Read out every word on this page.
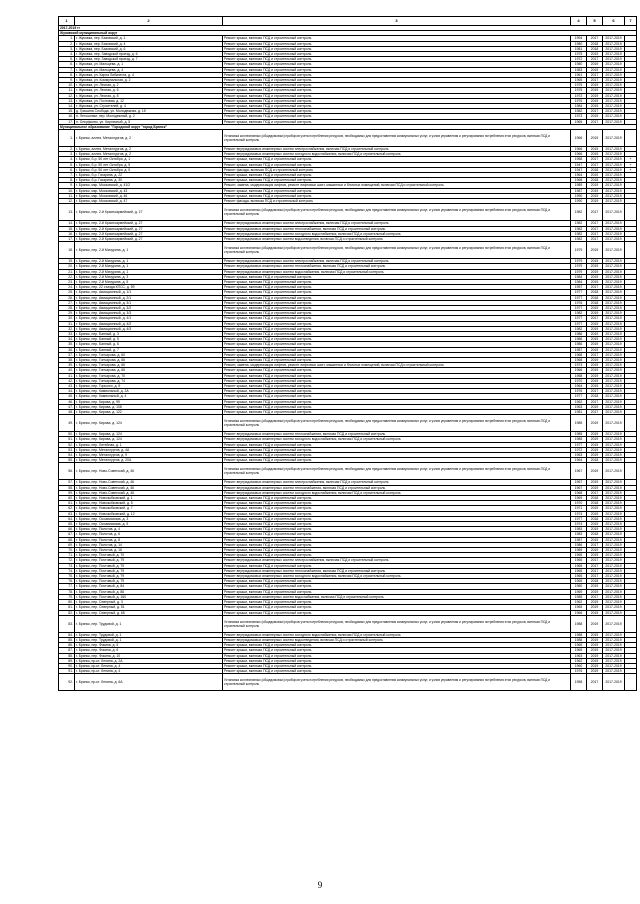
1	2	3	4	5	6	7
2017-2019 гг						
Жуковский муниципальный округ						
1.	г. Жуковка, пер. Базовский, д. 1	Ремонт крыши, включая ПСД и строительный контроль	1994	2017	2017-2019	
2.	г. Жуковка, пер. Базовский, д. 4	Ремонт крыши, включая ПСД и строительный контроль	1980	2018	2017-2019	
3.	г. Жуковка, пер. Базовский, д. 6	Ремонт крыши, включая ПСД и строительный контроль	1981	2018	2017-2019	
4.	г. Жуковка, пер. Заводской проезд, д. 6	Ремонт крыши, включая ПСД и строительный контроль	1975	2019	2017-2019	
5.	г. Жуковка, пер. Заводской проезд, д. 7	Ремонт крыши, включая ПСД и строительный контроль	1972	2017	2017-2019	
6.	г. Жуковка, ул. Мальцева, д. 1	Ремонт крыши, включая ПСД и строительный контроль	1980	2019	2017-2019	
7.	г. Жуковка, ул. Мальцева, д. 4	Ремонт крыши, включая ПСД и строительный контроль	1983	2019	2017-2019	
8.	г. Жуковка, ул. Карла Либкнехта, д. 4	Ремонт крыши, включая ПСД и строительный контроль	1961	2017	2017-2019	
9.	г. Жуковка, ул. Коммунальная, д. 2	Ремонт крыши, включая ПСД и строительный контроль	1965	2017	2017-2019	
10.	г. Жуковка, ул. Лесная, д. 2	Ремонт крыши, включая ПСД и строительный контроль	1975	2019	2017-2019	
11.	г. Жуковка, ул. Лесная, д. 6	Ремонт крыши, включая ПСД и строительный контроль	1975	2019	2017-2019	
12.	г. Жуковка, ул. Лесная, д. 8	Ремонт крыши, включая ПСД и строительный контроль	1972	2019	2017-2019	
13.	г. Жуковка, ул. Почтовая, д. 12	Ремонт крыши, включая ПСД и строительный контроль	1975	2019	2017-2019	
14.	г. Жуковка, ул. Строителей, д. 4	Ремонт крыши, включая ПСД и строительный контроль	1984	2019	2017-2019	
15.	д. Гришина Слобода, ул. Молодежная, д. 1б	Ремонт крыши, включая ПСД и строительный контроль	1982	2017	2017-2019	
16.	п. Летошники, пер. Молодежный, д. 2	Ремонт крыши, включая ПСД и строительный контроль	1973	2019	2017-2019	
17.	п. Олсуфьево, ул. Кирпичный, д. 5	Ремонт крыши, включая ПСД и строительный контроль	1965	2017	2017-2019	
Муниципальное образование "Городской округ "город Брянск"						
1.	г. Брянск, аллея. Металлургов, д. 2	Установка коллективных (общедомовых) приборов учета потребления ресурсов, необходимых для предоставления коммунальных услуг, и узлов управления и регулирования потребления этих ресурсов, включая ПСД и строительный контроль	1966	2019	2017-2019	
2.	г. Брянск, аллея. Металлургов, д. 2	Ремонт внутридомовых инженерных систем электроснабжения, включая ПСД и строительный контроль	1966	2019	2017-2019	
3.	г. Брянск, аллея. Металлургов, д. 2	Ремонт внутридомовых инженерных систем холодного водоснабжения, включая ПСД и строительный контроль	1966	2019	2017-2019	
4.	г. Брянск, б-р. 50 лет Октября, д. 1	Ремонт крыши, включая ПСД и строительный контроль	1958	2017	2017-2019	+
5.	г. Брянск, б-р. 50 лет Октября, д. 5	Ремонт крыши, включая ПСД и строительный контроль	1947	2017	2017-2019	+
6.	г. Брянск, б-р. 50 лет Октября, д. 5	Ремонт фасада, включая ПСД и строительный контроль	1947	2018	2017-2019	+
7.	г. Брянск, б-р. Гагарина, д. 22	Ремонт крыши, включая ПСД и строительный контроль	1964	2019	2017-2019	
8.	г. Брянск, б-р. Гагарина, д. 30	Ремонт крыши, включая ПСД и строительный контроль	1968	2018	2017-2019	
9.	г. Брянск, мкр. Московский, д. 41/2	Ремонт, замена, модернизация лифтов, ремонт лифтовых шахт, машинных и блочных помещений, включая ПСД и строительный контроль	1989	2019	2017-2019	
10.	г. Брянск, мкр. Московский, д. 43	Ремонт крыши, включая ПСД и строительный контроль	1987	2019	2017-2019	
11.	г. Брянск, мкр. Московский, д. 46	Ремонт крыши, включая ПСД и строительный контроль	1990	2019	2017-2019	
12.	г. Брянск, мкр. Московский, д. 47	Ремонт фасада, включая ПСД и строительный контроль	1990	2019	2017-2019	
13.	г. Брянск, пер. 2-й Красноармейский, д. 27	Установка коллективных (общедомовых) приборов учета потребления ресурсов, необходимых для предоставления коммунальных услуг, и узлов управления и регулирования потребления этих ресурсов, включая ПСД и строительный контроль	1982	2017	2017-2019	
14.	г. Брянск, пер. 2-й Красноармейский, д. 27	Ремонт внутридомовых инженерных систем электроснабжения, включая ПСД и строительный контроль	1982	2017	2017-2019	
15.	г. Брянск, пер. 2-й Красноармейский, д. 27	Ремонт внутридомовых инженерных систем теплоснабжения, включая ПСД и строительный контроль	1982	2017	2017-2019	
16.	г. Брянск, пер. 2-й Красноармейский, д. 27	Ремонт внутридомовых инженерных систем холодного водоснабжения, включая ПСД и строительный контроль	1982	2017	2017-2019	
17.	г. Брянск, пер. 2-й Красноармейский, д. 27	Ремонт внутридомовых инженерных систем водоотведения, включая ПСД и строительный контроль	1982	2017	2017-2019	
18.	г. Брянск, пер. 2-й Мичурина, д. 1	Установка коллективных (общедомовых) приборов учета потребления ресурсов, необходимых для предоставления коммунальных услуг, и узлов управления и регулирования потребления этих ресурсов, включая ПСД и строительный контроль	1979	2019	2017-2019	
19.	г. Брянск, пер. 2-й Мичурина, д. 1	Ремонт внутридомовых инженерных систем электроснабжения, включая ПСД и строительный контроль	1979	2019	2017-2019	
20.	г. Брянск, пер. 2-й Мичурина, д. 1	Ремонт внутридомовых инженерных систем теплоснабжения, включая ПСД и строительный контроль	1979	2019	2017-2019	
21.	г. Брянск, пер. 2-й Мичурина, д. 1	Ремонт внутридомовых инженерных систем водоснабжения, включая ПСД и строительный контроль	1979	2019	2017-2019	
22.	г. Брянск, пер. 2-й Мичурина, д. 3	Ремонт крыши, включая ПСД и строительный контроль	1984	2019	2017-2019	
23.	г. Брянск, пер. 2-й Мичурина, д. 5	Ремонт крыши, включая ПСД и строительный контроль	1984	2019	2017-2019	
24.	г. Брянск, пер. 22 съезда КПСС, д. 59	Ремонт крыши, включая ПСД и строительный контроль	1957	2017	2017-2019	
25.	г. Брянск, пер. Авиационный, д. 1/1	Ремонт крыши, включая ПСД и строительный контроль	1977	2018	2017-2019	
26.	г. Брянск, пер. Авиационный, д. 2/1	Ремонт крыши, включая ПСД и строительный контроль	1977	2018	2017-2019	
27.	г. Брянск, пер. Авиационный, д. 3/1	Ремонт крыши, включая ПСД и строительный контроль	1976	2018	2017-2019	
28.	г. Брянск, пер. Авиационный, д. 3/2	Ремонт крыши, включая ПСД и строительный контроль	1977	2019	2017-2019	
29.	г. Брянск, пер. Авиационный, д. 3/3	Ремонт крыши, включая ПСД и строительный контроль	1982	2019	2017-2019	
30.	г. Брянск, пер. Авиационный, д. 4/1	Ремонт крыши, включая ПСД и строительный контроль	1977	2017	2017-2019	
31.	г. Брянск, пер. Авиационный, д. 4/2	Ремонт крыши, включая ПСД и строительный контроль	1977	2019	2017-2019	
32.	г. Брянск, пер. Авиационный, д. 4/3	Ремонт крыши, включая ПСД и строительный контроль	1982	2019	2017-2019	
33.	г. Брянск, пер. Банный, д. 3	Ремонт крыши, включая ПСД и строительный контроль	1986	2019	2017-2019	
34.	г. Брянск, пер. Банный, д. 5	Ремонт крыши, включая ПСД и строительный контроль	1986	2019	2017-2019	
35.	г. Брянск, пер. Банный, д. 6	Ремонт крыши, включая ПСД и строительный контроль	1986	2019	2017-2019	
36.	г. Брянск, пер. Банный, д. 7	Ремонт крыши, включая ПСД и строительный контроль	1987	2019	2017-2019	
37.	г. Брянск, пер. Гончарова, д. 60	Ремонт крыши, включая ПСД и строительный контроль	1968	2017	2017-2019	
38.	г. Брянск, пер. Гончарова, д. 66	Ремонт крыши, включая ПСД и строительный контроль	1968	2019	2017-2019	
39.	г. Брянск, пер. Гончарова, д. 66	Ремонт, замена, модернизация лифтов, ремонт лифтовых шахт, машинных и блочных помещений, включая ПСД и строительный контроль	1973	2019	2017-2019	
40.	г. Брянск, пер. Гончарова, д. 66	Ремонт крыши, включая ПСД и строительный контроль	1966	2019	2017-2019	
41.	г. Брянск, пер. Гончарова, д. 70	Ремонт крыши, включая ПСД и строительный контроль	1958	2019	2017-2019	
42.	г. Брянск, пер. Гончарова, д. 74	Ремонт крыши, включая ПСД и строительный контроль	1970	2019	2017-2019	
43.	г. Брянск, пер. Горького, д. 5	Ремонт крыши, включая ПСД и строительный контроль	1964	2019	2017-2019	
44.	г. Брянск, пер. Камвольный, д. 2А	Ремонт крыши, включая ПСД и строительный контроль	1976	2017	2017-2019	
45.	г. Брянск, пер. Камвольный, д. 4	Ремонт крыши, включая ПСД и строительный контроль	1977	2018	2017-2019	
46.	г. Брянск, пер. Кирова, д. 99	Ремонт крыши, включая ПСД и строительный контроль	1962	2017	2017-2019	
47.	г. Брянск, пер. Кирова, д. 108	Ремонт крыши, включая ПСД и строительный контроль	1963	2019	2017-2019	
48.	г. Брянск, пер. Кирова, д. 122	Ремонт крыши, включая ПСД и строительный контроль	1981	2017	2017-2019	
49.	г. Брянск, пер. Кирова, д. 124	Установка коллективных (общедомовых) приборов учета потребления ресурсов, необходимых для предоставления коммунальных услуг, и узлов управления и регулирования потребления этих ресурсов, включая ПСД и строительный контроль	1985	2019	2017-2019	
50.	г. Брянск, пер. Кирова, д. 124	Ремонт внутридомовых инженерных систем теплоснабжения, включая ПСД и строительный контроль	1985	2019	2017-2019	
51.	г. Брянск, пер. Кирова, д. 124	Ремонт внутридомовых инженерных систем холодного водоснабжения, включая ПСД и строительный контроль	1985	2019	2017-2019	
52.	г. Брянск, пер. Литейная, д. 1	Ремонт крыши, включая ПСД и строительный контроль	1977	2019	2017-2019	
53.	г. Брянск, пер. Металлургов, д. 4А	Ремонт крыши, включая ПСД и строительный контроль	1972	2019	2017-2019	
54.	г. Брянск, пер. Металлургов, д. 9	Ремонт крыши, включая ПСД и строительный контроль	1963	2019	2017-2019	
55.	г. Брянск, пер. Металлургов, д. 20А	Ремонт крыши, включая ПСД и строительный контроль	1964	2018	2017-2019	
56.	г. Брянск, пер. Ново-Советский, д. 46	Установка коллективных (общедомовых) приборов учета потребления ресурсов, необходимых для предоставления коммунальных услуг, и узлов управления и регулирования потребления этих ресурсов, включая ПСД и строительный контроль	1967	2019	2017-2019	
57.	г. Брянск, пер. Ново-Советский, д. 46	Ремонт внутридомовых инженерных систем электроснабжения, включая ПСД и строительный контроль	1967	2019	2017-2019	
58.	г. Брянск, пер. Ново-Советский, д. 46	Ремонт внутридомовых инженерных систем теплоснабжения, включая ПСД и строительный контроль	1967	2019	2017-2019	
59.	г. Брянск, пер. Ново-Советский, д. 46	Ремонт внутридомовых инженерных систем холодного водоснабжения, включая ПСД и строительный контроль	1968	2017	2017-2019	
60.	г. Брянск, пер. Новозыбковский, д. 1	Ремонт крыши, включая ПСД и строительный контроль	1969	2018	2017-2019	
61.	г. Брянск, пер. Новозыбковский, д. 5	Ремонт крыши, включая ПСД и строительный контроль	1970	2018	2017-2019	
62.	г. Брянск, пер. Новозыбковский, д. 7	Ремонт крыши, включая ПСД и строительный контроль	1971	2019	2017-2019	
63.	г. Брянск, пер. Новозыбковский, д. 12	Ремонт крыши, включая ПСД и строительный контроль	1974	2019	2017-2019	
64.	г. Брянск, пер. Осоавиахима, д. 3	Ремонт крыши, включая ПСД и строительный контроль	1977	2018	2017-2019	
65.	г. Брянск, пер. Осоавиахима, д. 5	Ремонт крыши, включая ПСД и строительный контроль	1974	2019	2017-2019	
66.	г. Брянск, пер. Пилотов, д. 4	Ремонт крыши, включая ПСД и строительный контроль	1983	2019	2017-2019	
67.	г. Брянск, пер. Пилотов, д. 6	Ремонт крыши, включая ПСД и строительный контроль	1983	2018	2017-2019	
68.	г. Брянск, пер. Пилотов, д. 8	Ремонт крыши, включая ПСД и строительный контроль	1987	2019	2017-2019	
69.	г. Брянск, пер. Пилотов, д. 14	Ремонт крыши, включая ПСД и строительный контроль	1986	2017	2017-2019	
70.	г. Брянск, пер. Пилотов, д. 16	Ремонт крыши, включая ПСД и строительный контроль	1989	2019	2017-2019	
71.	г. Брянск, пер. Почтовый, д. 70	Ремонт крыши, включая ПСД и строительный контроль	1965	2019	2017-2019	
72.	г. Брянск, пер. Почтовый, д. 79	Ремонт внутридомовых инженерных систем электроснабжения, включая ПСД и строительный контроль	1965	2017	2017-2019	
73.	г. Брянск, пер. Почтовый, д. 79	Ремонт крыши, включая ПСД и строительный контроль	1965	2017	2017-2019	
74.	г. Брянск, пер. Почтовый, д. 79	Ремонт внутридомовых инженерных систем теплоснабжения, включая ПСД и строительный контроль	1965	2017	2017-2019	
75.	г. Брянск, пер. Почтовый, д. 79	Ремонт внутридомовых инженерных систем холодного водоснабжения, включая ПСД и строительный контроль	1965	2017	2017-2019	
76.	г. Брянск, пер. Почтовый, д. 79	Ремонт крыши, включая ПСД и строительный контроль	1965	2018	2017-2019	
77.	г. Брянск, пер. Почтовый, д. 84	Ремонт крыши, включая ПСД и строительный контроль	1980	2019	2017-2019	
78.	г. Брянск, пер. Почтовый, д. 86	Ремонт крыши, включая ПСД и строительный контроль	1969	2019	2017-2019	
79.	г. Брянск, пер. Почтовый, д. 160	Ремонт внутридомовых инженерных систем водоснабжения, включая ПСД и строительный контроль	1985	2017	2017-2019	
80.	г. Брянск, пер. Северный, д. 3	Ремонт крыши, включая ПСД и строительный контроль	1962	2019	2017-2019	
81.	г. Брянск, пер. Северный, д. 51	Ремонт крыши, включая ПСД и строительный контроль	1965	2019	2017-2019	
82.	г. Брянск, пер. Северный, д. 65	Ремонт крыши, включая ПСД и строительный контроль	1966	2019	2017-2019	
83.	г. Брянск, пер. Трудовой, д. 1	Установка коллективных (общедомовых) приборов учета потребления ресурсов, необходимых для предоставления коммунальных услуг, и узлов управления и регулирования потребления этих ресурсов, включая ПСД и строительный контроль	1988	2019	2017-2019	
84.	г. Брянск, пер. Трудовой, д. 1	Ремонт внутридомовых инженерных систем холодного водоснабжения, включая ПСД и строительный контроль	1988	2019	2017-2019	
85.	г. Брянск, пер. Трудовой, д. 1	Ремонт внутридомовых инженерных систем водоотведения, включая ПСД и строительный контроль	1988	2019	2017-2019	
86.	г. Брянск, пер. Фокина, д. 5	Ремонт крыши, включая ПСД и строительный контроль	1965	2019	2017-2019	
87.	г. Брянск, пер. Фокина, д. 6	Ремонт крыши, включая ПСД и строительный контроль	1965	2019	2017-2019	
88.	г. Брянск, пер. Фокина, д. 10	Ремонт крыши, включая ПСД и строительный контроль	1963	2019	2017-2019	
89.	г. Брянск, пр-кт. Ленина, д. 2А	Ремонт крыши, включая ПСД и строительный контроль	1962	2019	2017-2019	
90.	г. Брянск, пр-кт. Ленина, д. 4	Ремонт крыши, включая ПСД и строительный контроль	1960	2019	2017-2019	
91.	г. Брянск, пр-кт. Ленина, д. 4	Ремонт крыши, включая ПСД и строительный контроль	1976	2019	2017-2019	
92.	г. Брянск, пр-кт. Ленина, д. 6А	Установка коллективных (общедомовых) приборов учета потребления ресурсов, необходимых для предоставления коммунальных услуг, и узлов управления и регулирования потребления этих ресурсов, включая ПСД и строительный контроль	1958	2017	2017-2019	
9
